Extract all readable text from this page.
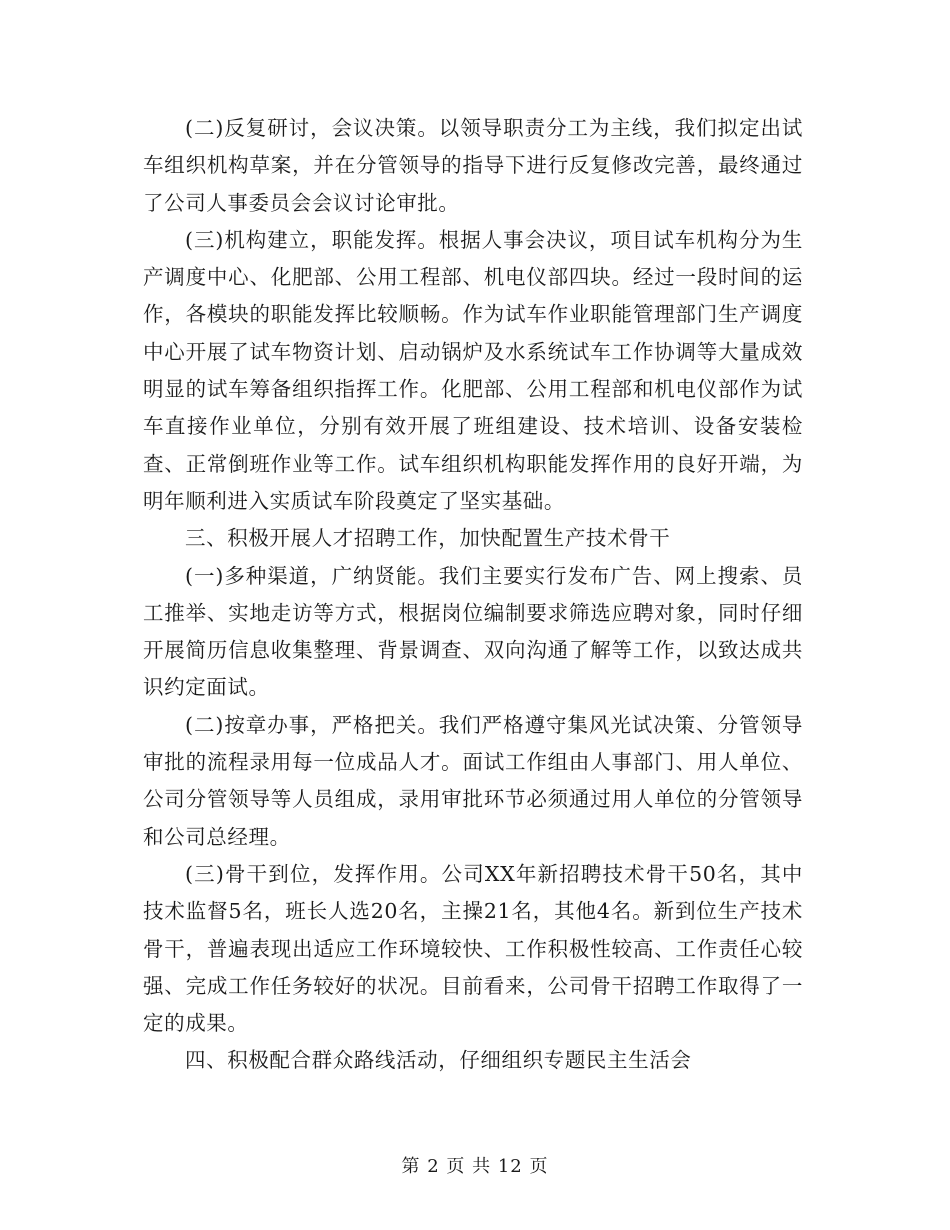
(二)反复研讨，会议决策。以领导职责分工为主线，我们拟定出试车组织机构草案，并在分管领导的指导下进行反复修改完善，最终通过了公司人事委员会会议讨论审批。

(三)机构建立，职能发挥。根据人事会决议，项目试车机构分为生产调度中心、化肥部、公用工程部、机电仪部四块。经过一段时间的运作，各模块的职能发挥比较顺畅。作为试车作业职能管理部门生产调度中心开展了试车物资计划、启动锅炉及水系统试车工作协调等大量成效明显的试车筹备组织指挥工作。化肥部、公用工程部和机电仪部作为试车直接作业单位，分别有效开展了班组建设、技术培训、设备安装检查、正常倒班作业等工作。试车组织机构职能发挥作用的良好开端，为明年顺利进入实质试车阶段奠定了坚实基础。

三、积极开展人才招聘工作，加快配置生产技术骨干

(一)多种渠道，广纳贤能。我们主要实行发布广告、网上搜索、员工推举、实地走访等方式，根据岗位编制要求筛选应聘对象，同时仔细开展简历信息收集整理、背景调查、双向沟通了解等工作，以致达成共识约定面试。

(二)按章办事，严格把关。我们严格遵守集风光试决策、分管领导审批的流程录用每一位成品人才。面试工作组由人事部门、用人单位、公司分管领导等人员组成，录用审批环节必须通过用人单位的分管领导和公司总经理。

(三)骨干到位，发挥作用。公司XX年新招聘技术骨干50名，其中技术监督5名，班长人选20名，主操21名，其他4名。新到位生产技术骨干，普遍表现出适应工作环境较快、工作积极性较高、工作责任心较强、完成工作任务较好的状况。目前看来，公司骨干招聘工作取得了一定的成果。

四、积极配合群众路线活动，仔细组织专题民主生活会

第 2 页 共 12 页
